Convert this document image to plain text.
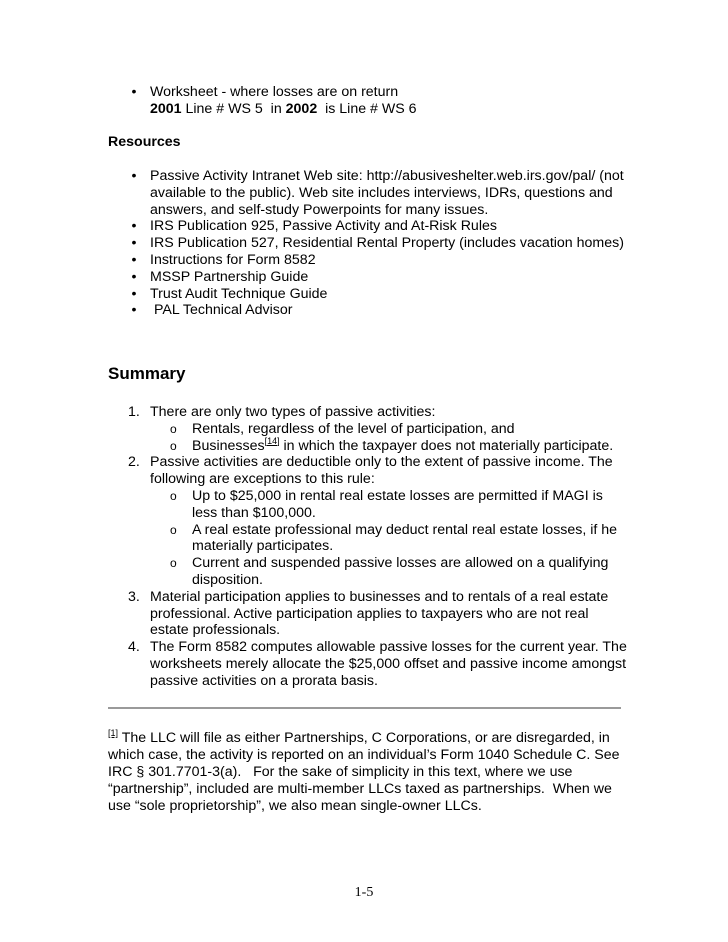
• Worksheet - where losses are on return
2001 Line # WS 5  in 2002  is Line # WS 6
Resources
• Passive Activity Intranet Web site: http://abusiveshelter.web.irs.gov/pal/ (not available to the public). Web site includes interviews, IDRs, questions and answers, and self-study Powerpoints for many issues.
• IRS Publication 925, Passive Activity and At-Risk Rules
• IRS Publication 527, Residential Rental Property (includes vacation homes)
• Instructions for Form 8582
• MSSP Partnership Guide
• Trust Audit Technique Guide
• PAL Technical Advisor
Summary
1. There are only two types of passive activities:
o Rentals, regardless of the level of participation, and
o Businesses[14] in which the taxpayer does not materially participate.
2. Passive activities are deductible only to the extent of passive income. The following are exceptions to this rule:
o Up to $25,000 in rental real estate losses are permitted if MAGI is less than $100,000.
o A real estate professional may deduct rental real estate losses, if he materially participates.
o Current and suspended passive losses are allowed on a qualifying disposition.
3. Material participation applies to businesses and to rentals of a real estate professional. Active participation applies to taxpayers who are not real estate professionals.
4. The Form 8582 computes allowable passive losses for the current year. The worksheets merely allocate the $25,000 offset and passive income amongst passive activities on a prorata basis.
[1] The LLC will file as either Partnerships, C Corporations, or are disregarded, in which case, the activity is reported on an individual’s Form 1040 Schedule C. See IRC § 301.7701-3(a).   For the sake of simplicity in this text, where we use “partnership”, included are multi-member LLCs taxed as partnerships.  When we use “sole proprietorship”, we also mean single-owner LLCs.
1-5
